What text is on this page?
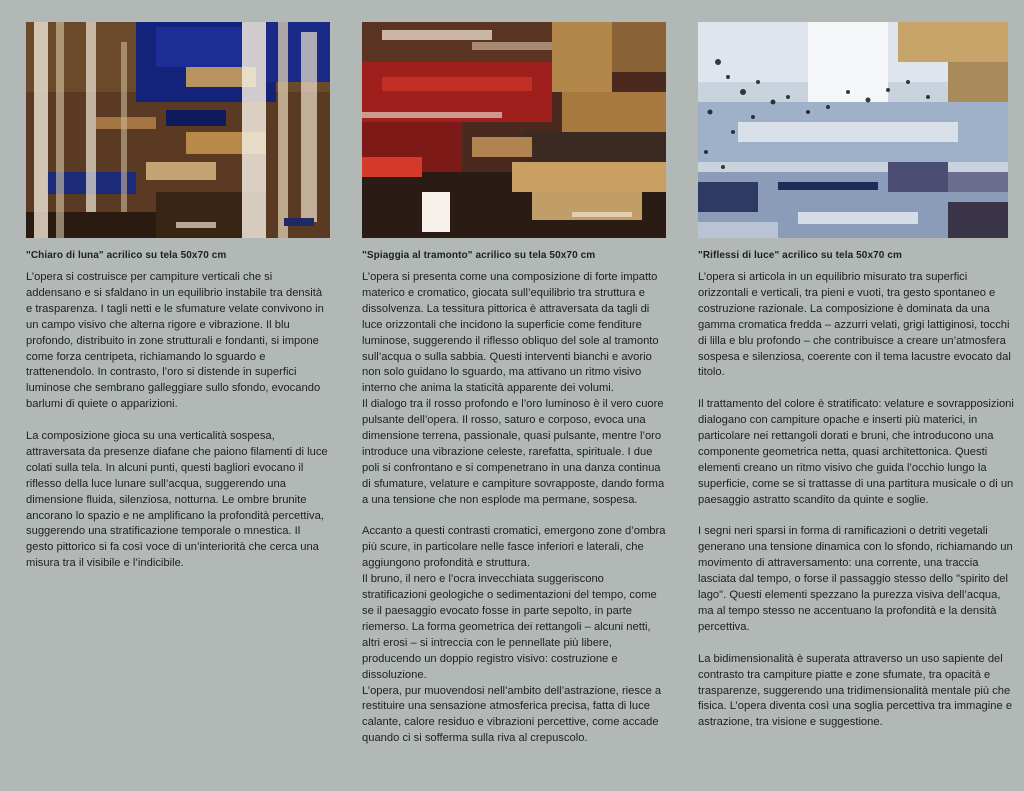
"Chiaro di luna" acrilico su tela 50x70 cm

L’opera si costruisce per campiture verticali che si addensano e si sfaldano in un equilibrio instabile tra densità e trasparenza. I tagli netti e le sfumature velate convivono in un campo visivo che alterna rigore e vibrazione. Il blu profondo, distribuito in zone strutturali e fondanti, si impone come forza centripeta, richiamando lo sguardo e trattenendolo. In contrasto, l’oro si distende in superfici luminose che sembrano galleggiare sullo sfondo, evocando barlumi di quiete o apparizioni.

La composizione gioca su una verticalità sospesa, attraversata da presenze diafane che paiono filamenti di luce colati sulla tela. In alcuni punti, questi bagliori evocano il riflesso della luce lunare sull’acqua, suggerendo una dimensione fluida, silenziosa, notturna. Le ombre brunite ancorano lo spazio e ne amplificano la profondità percettiva, suggerendo una stratificazione temporale o mnestica. Il gesto pittorico si fa così voce di un’interiorità che cerca una misura tra il visibile e l’indicibile.

"Spiaggia al tramonto" acrilico su tela 50x70 cm

L’opera si presenta come una composizione di forte impatto materico e cromatico, giocata sull’equilibrio tra struttura e dissolvenza. La tessitura pittorica è attraversata da tagli di luce orizzontali che incidono la superficie come fenditure luminose, suggerendo il riflesso obliquo del sole al tramonto sull’acqua o sulla sabbia. Questi interventi bianchi e avorio non solo guidano lo sguardo, ma attivano un ritmo visivo interno che anima la staticità apparente dei volumi.

Il dialogo tra il rosso profondo e l’oro luminoso è il vero cuore pulsante dell’opera. Il rosso, saturo e corposo, evoca una dimensione terrena, passionale, quasi pulsante, mentre l’oro introduce una vibrazione celeste, rarefatta, spirituale. I due poli si confrontano e si compenetrano in una danza continua di sfumature, velature e campiture sovrapposte, dando forma a una tensione che non esplode ma permane, sospesa.

Accanto a questi contrasti cromatici, emergono zone d’ombra più scure, in particolare nelle fasce inferiori e laterali, che aggiungono profondità e struttura.

Il bruno, il nero e l’ocra invecchiata suggeriscono stratificazioni geologiche o sedimentazioni del tempo, come se il paesaggio evocato fosse in parte sepolto, in parte riemerso. La forma geometrica dei rettangoli – alcuni netti, altri erosi – si intreccia con le pennellate più libere, producendo un doppio registro visivo: costruzione e dissoluzione.

L’opera, pur muovendosi nell’ambito dell’astrazione, riesce a restituire una sensazione atmosferica precisa, fatta di luce calante, calore residuo e vibrazioni percettive, come accade quando ci si sofferma sulla riva al crepuscolo.

"Riflessi di luce" acrilico su tela 50x70 cm

L’opera si articola in un equilibrio misurato tra superfici orizzontali e verticali, tra pieni e vuoti, tra gesto spontaneo e costruzione razionale. La composizione è dominata da una gamma cromatica fredda – azzurri velati, grigi lattiginosi, tocchi di lilla e blu profondo – che contribuisce a creare un’atmosfera sospesa e silenziosa, coerente con il tema lacustre evocato dal titolo.

Il trattamento del colore è stratificato: velature e sovrapposizioni dialogano con campiture opache e inserti più materici, in particolare nei rettangoli dorati e bruni, che introducono una componente geometrica netta, quasi architettonica. Questi elementi creano un ritmo visivo che guida l’occhio lungo la superficie, come se si trattasse di una partitura musicale o di un paesaggio astratto scandito da quinte e soglie.

I segni neri sparsi in forma di ramificazioni o detriti vegetali generano una tensione dinamica con lo sfondo, richiamando un movimento di attraversamento: una corrente, una traccia lasciata dal tempo, o forse il passaggio stesso dello "spirito del lago". Questi elementi spezzano la purezza visiva dell’acqua, ma al tempo stesso ne accentuano la profondità e la densità percettiva.

La bidimensionalità è superata attraverso un uso sapiente del contrasto tra campiture piatte e zone sfumate, tra opacità e trasparenze, suggerendo una tridimensionalità mentale più che fisica. L’opera diventa così una soglia percettiva tra immagine e astrazione, tra visione e suggestione.
